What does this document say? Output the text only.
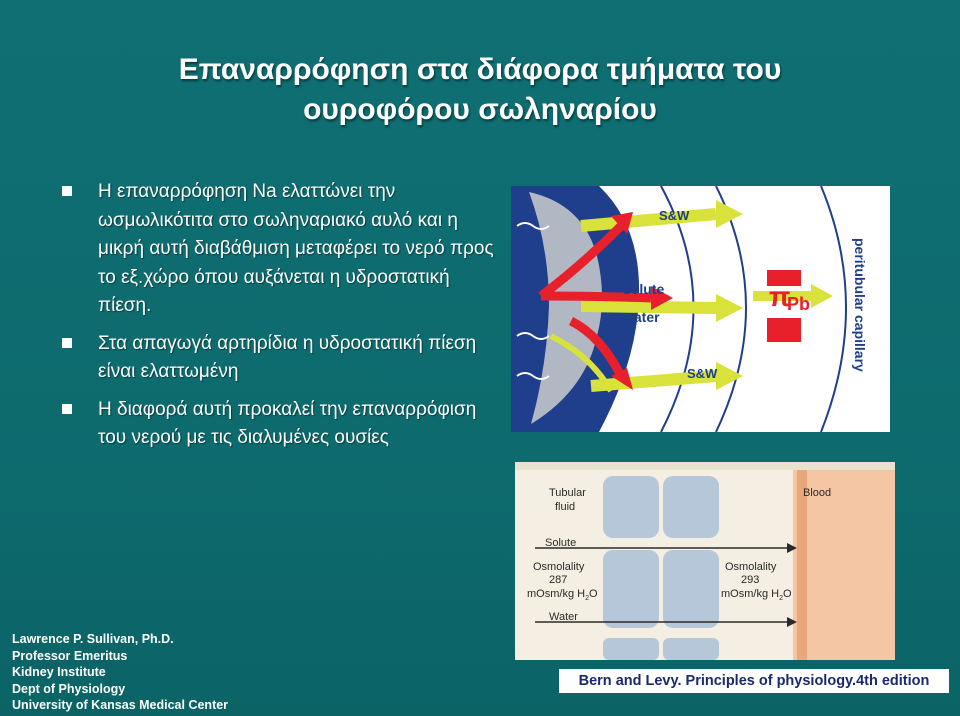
Επαναρρόφηση στα διάφορα τμήματα του
ουροφόρου σωληναρίου
Η επαναρρόφηση Na ελαττώνει την ωσμωλικότιτα στο σωληναριακό αυλό και η μικρή αυτή διαβάθμιση μεταφέρει το νερό προς το εξ.χώρο όπου αυξάνεται η υδροστατική πίεση.
Στα απαγωγά αρτηρίδια η υδροστατική πίεση είναι ελαττωμένη
Η διαφορά αυτή προκαλεί την επαναρρόφιση του νερού με τις διαλυμένες ουσίες
S&W
solute
water
S&W
π
Pb	peritubular capillary
Tubular
fluid
Blood
Solute
Osmolality
287
mOsm/kg $H_2O$
Osmolality
293
mOsm/kg $H_2O$
Water
Lawrence P. Sullivan, Ph.D.
Professor Emeritus
Kidney Institute
Dept of Physiology
University of Kansas Medical Center
Bern and Levy. Principles of physiology.4th edition
